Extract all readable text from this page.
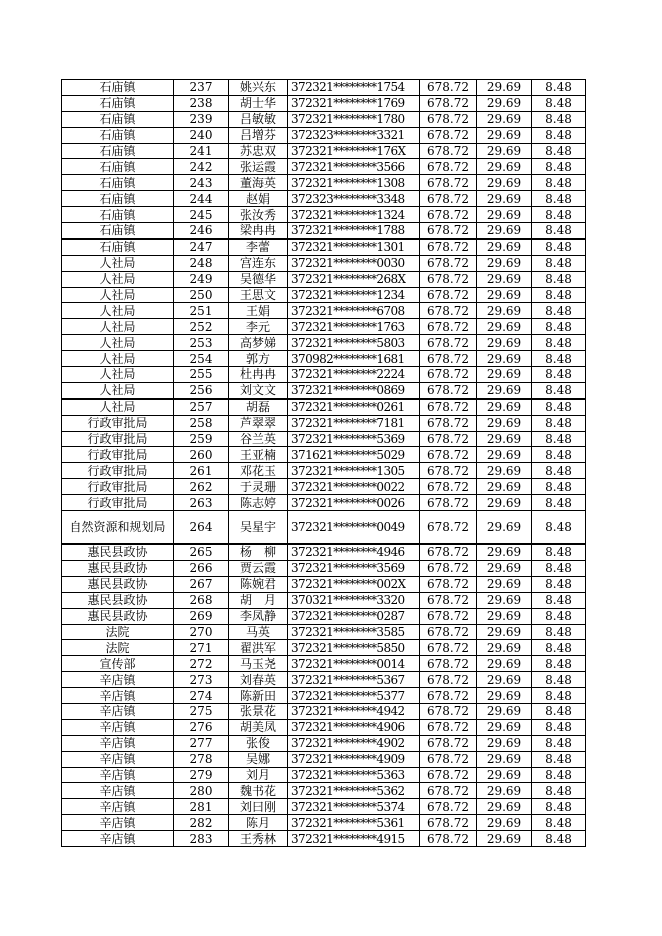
石庙镇	237	姚兴东	372321********1754	678.72	29.69	8.48
石庙镇	238	胡士华	372321********1769	678.72	29.69	8.48
石庙镇	239	吕敏敏	372321********1780	678.72	29.69	8.48
石庙镇	240	吕增芬	372323********3321	678.72	29.69	8.48
石庙镇	241	苏忠双	372321********176X	678.72	29.69	8.48
石庙镇	242	张运霞	372321********3566	678.72	29.69	8.48
石庙镇	243	董海英	372321********1308	678.72	29.69	8.48
石庙镇	244	赵娟	372323********3348	678.72	29.69	8.48
石庙镇	245	张汝秀	372321********1324	678.72	29.69	8.48
石庙镇	246	梁冉冉	372321********1788	678.72	29.69	8.48
石庙镇	247	李蕾	372321********1301	678.72	29.69	8.48
人社局	248	宫连东	372321********0030	678.72	29.69	8.48
人社局	249	吴德华	372321********268X	678.72	29.69	8.48
人社局	250	王思文	372321********1234	678.72	29.69	8.48
人社局	251	王娟	372321********6708	678.72	29.69	8.48
人社局	252	李元	372321********1763	678.72	29.69	8.48
人社局	253	高梦娣	372321********5803	678.72	29.69	8.48
人社局	254	郭方	370982********1681	678.72	29.69	8.48
人社局	255	杜冉冉	372321********2224	678.72	29.69	8.48
人社局	256	刘文文	372321********0869	678.72	29.69	8.48
人社局	257	胡磊	372321********0261	678.72	29.69	8.48
行政审批局	258	芦翠翠	372321********7181	678.72	29.69	8.48
行政审批局	259	谷兰英	372321********5369	678.72	29.69	8.48
行政审批局	260	王亚楠	371621********5029	678.72	29.69	8.48
行政审批局	261	邓花玉	372321********1305	678.72	29.69	8.48
行政审批局	262	于灵珊	372321********0022	678.72	29.69	8.48
行政审批局	263	陈志婷	372321********0026	678.72	29.69	8.48
自然资源和规划局	264	吴星宇	372321********0049	678.72	29.69	8.48
惠民县政协	265	杨　柳	372321********4946	678.72	29.69	8.48
惠民县政协	266	贾云霞	372321********3569	678.72	29.69	8.48
惠民县政协	267	陈婉君	372321********002X	678.72	29.69	8.48
惠民县政协	268	胡　月	370321********3320	678.72	29.69	8.48
惠民县政协	269	李凤静	372321********0287	678.72	29.69	8.48
法院	270	马英	372321********3585	678.72	29.69	8.48
法院	271	翟洪军	372321********5850	678.72	29.69	8.48
宣传部	272	马玉尧	372321********0014	678.72	29.69	8.48
辛店镇	273	刘春英	372321********5367	678.72	29.69	8.48
辛店镇	274	陈新田	372321********5377	678.72	29.69	8.48
辛店镇	275	张景花	372321********4942	678.72	29.69	8.48
辛店镇	276	胡美凤	372321********4906	678.72	29.69	8.48
辛店镇	277	张俊	372321********4902	678.72	29.69	8.48
辛店镇	278	吴娜	372321********4909	678.72	29.69	8.48
辛店镇	279	刘月	372321********5363	678.72	29.69	8.48
辛店镇	280	魏书花	372321********5362	678.72	29.69	8.48
辛店镇	281	刘曰刚	372321********5374	678.72	29.69	8.48
辛店镇	282	陈月	372321********5361	678.72	29.69	8.48
辛店镇	283	王秀林	372321********4915	678.72	29.69	8.48
